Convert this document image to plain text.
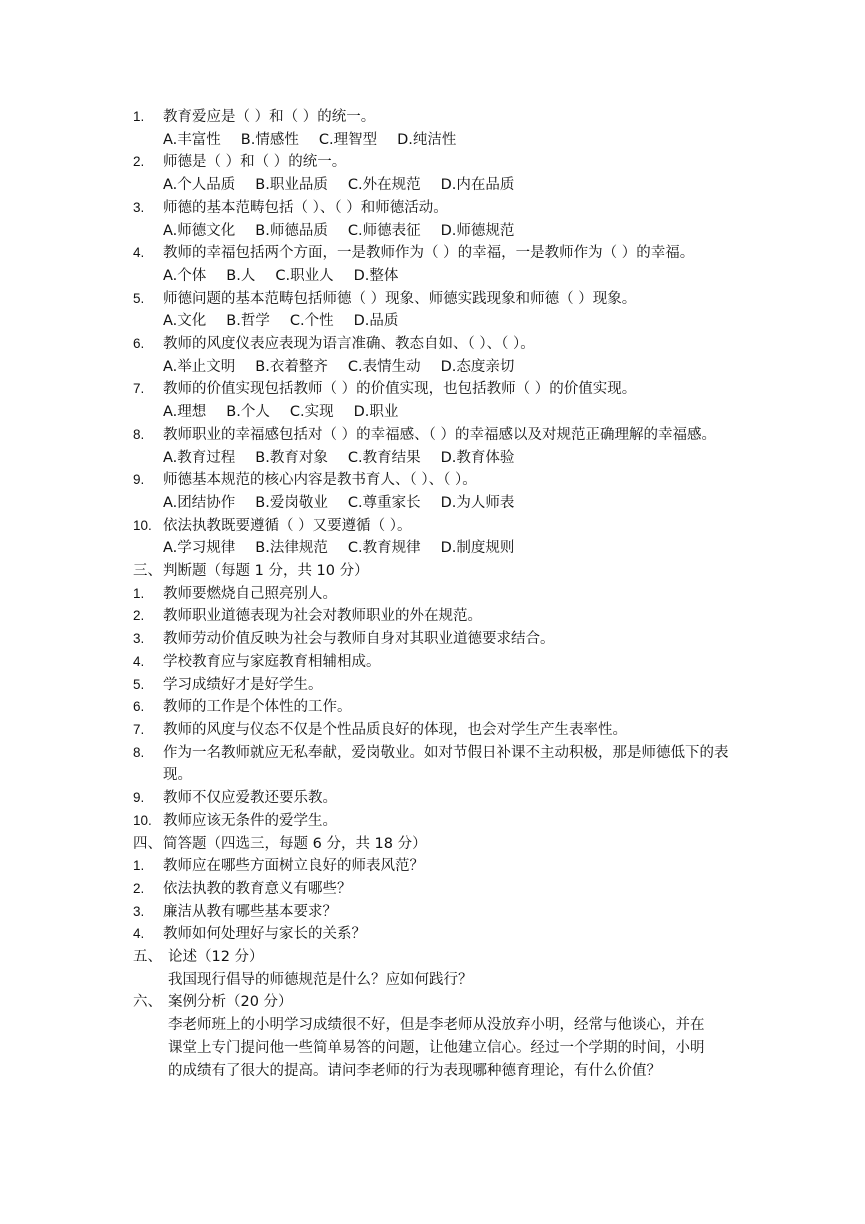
1.	教育爱应是（ ）和（ ）的统一。
A.丰富性 B.情感性 C.理智型 D.纯洁性
2.	师德是（ ）和（ ）的统一。
A.个人品质 B.职业品质 C.外在规范 D.内在品质
3.	师德的基本范畴包括（ ）、（ ）和师德活动。
A.师德文化 B.师德品质 C.师德表征 D.师德规范
4.	教师的幸福包括两个方面，一是教师作为（ ）的幸福，一是教师作为（ ）的幸福。
A.个体 B.人 C.职业人 D.整体
5.	师德问题的基本范畴包括师德（ ）现象、师德实践现象和师德（ ）现象。
A.文化 B.哲学 C.个性 D.品质
6.	教师的风度仪表应表现为语言准确、教态自如、（ ）、（ ）。
A.举止文明 B.衣着整齐 C.表情生动 D.态度亲切
7.	教师的价值实现包括教师（ ）的价值实现，也包括教师（ ）的价值实现。
A.理想 B.个人 C.实现 D.职业
8.	教师职业的幸福感包括对（ ）的幸福感、（ ）的幸福感以及对规范正确理解的幸福感。
A.教育过程 B.教育对象 C.教育结果 D.教育体验
9.	师德基本规范的核心内容是教书育人、（ ）、（ ）。
A.团结协作 B.爱岗敬业 C.尊重家长 D.为人师表
10. 依法执教既要遵循（ ）又要遵循（ ）。
A.学习规律 B.法律规范 C.教育规律 D.制度规则
三、 判断题（每题 1 分，共 10 分）
1.	教师要燃烧自己照亮别人。
2.	教师职业道德表现为社会对教师职业的外在规范。
3.	教师劳动价值反映为社会与教师自身对其职业道德要求结合。
4.	学校教育应与家庭教育相辅相成。
5.	学习成绩好才是好学生。
6.	教师的工作是个体性的工作。
7.	教师的风度与仪态不仅是个性品质良好的体现，也会对学生产生表率性。
8.	作为一名教师就应无私奉献，爱岗敬业。如对节假日补课不主动积极，那是师德低下的表现。
9.	教师不仅应爱教还要乐教。
10. 教师应该无条件的爱学生。
四、 简答题（四选三，每题 6 分，共 18 分）
1.	教师应在哪些方面树立良好的师表风范？
2.	依法执教的教育意义有哪些？
3.	廉洁从教有哪些基本要求？
4.	教师如何处理好与家长的关系？
五、 论述（12 分）
我国现行倡导的师德规范是什么？应如何践行？
六、 案例分析（20 分）
李老师班上的小明学习成绩很不好，但是李老师从没放弃小明，经常与他谈心，并在课堂上专门提问他一些简单易答的问题，让他建立信心。经过一个学期的时间，小明的成绩有了很大的提高。请问李老师的行为表现哪种德育理论，有什么价值？
